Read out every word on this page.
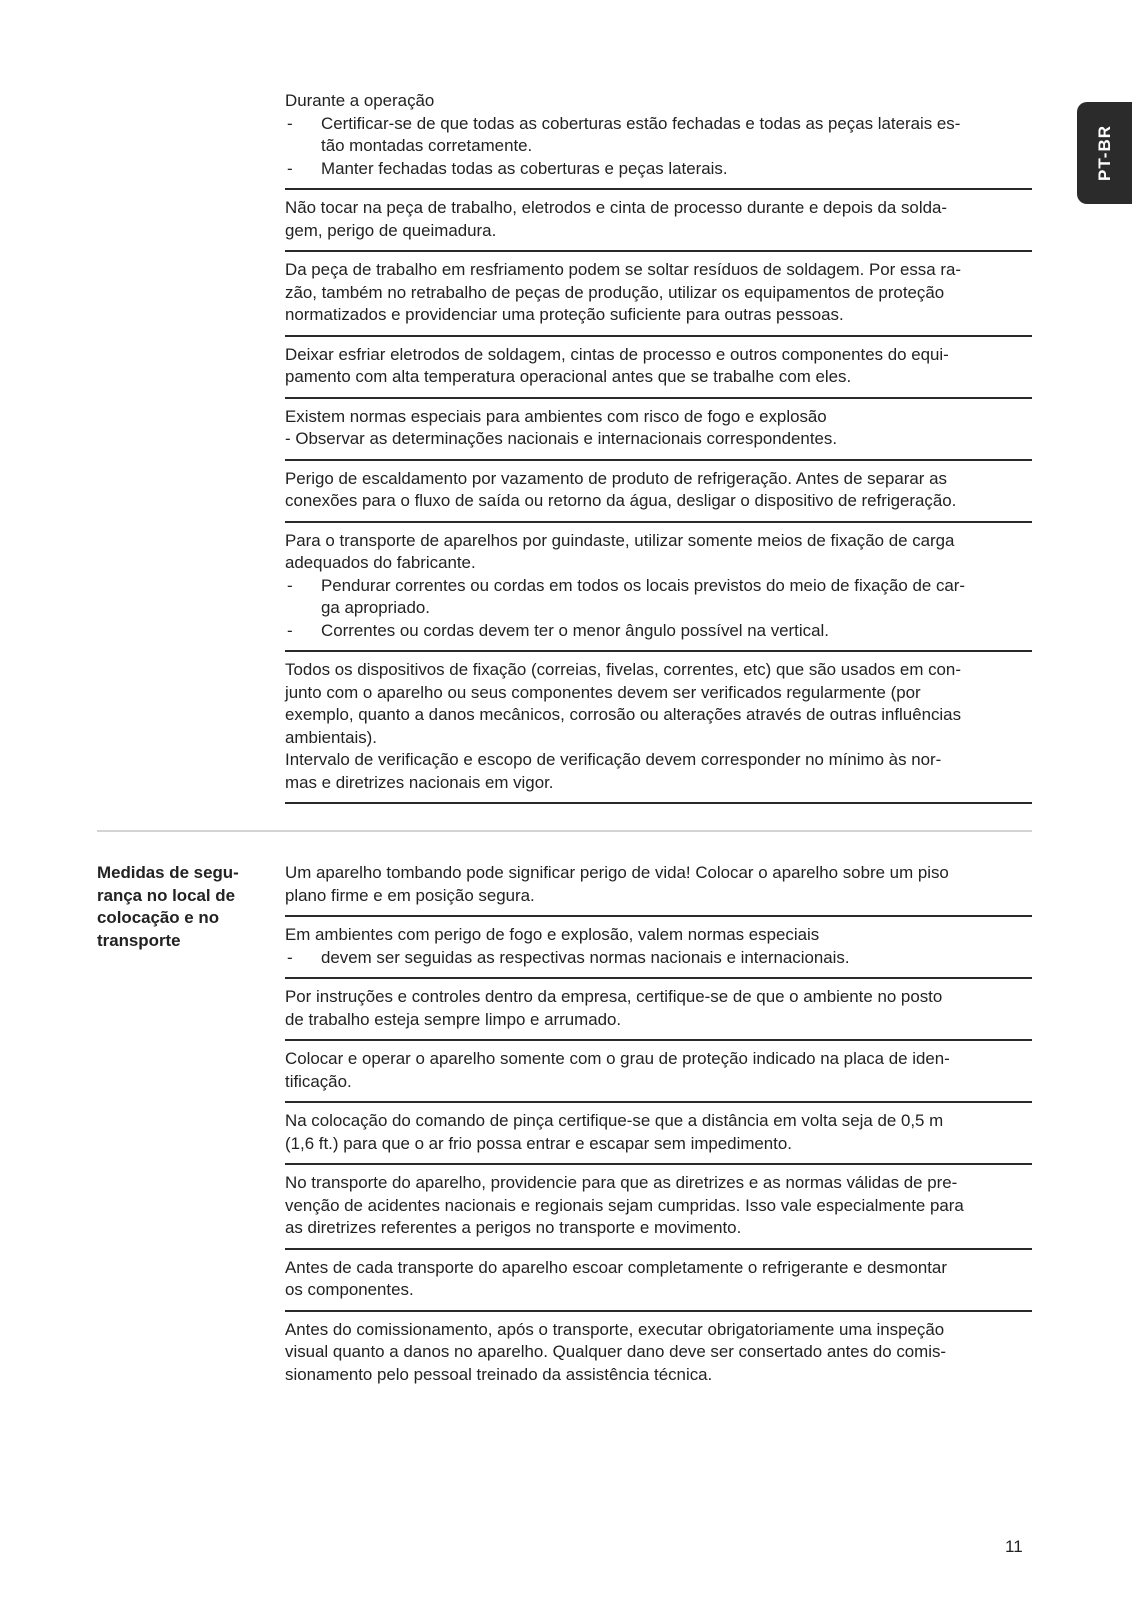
PT-BR
Durante a operação
- Certificar-se de que todas as coberturas estão fechadas e todas as peças laterais es-
tão montadas corretamente.
- Manter fechadas todas as coberturas e peças laterais.
Não tocar na peça de trabalho, eletrodos e cinta de processo durante e depois da solda-
gem, perigo de queimadura.
Da peça de trabalho em resfriamento podem se soltar resíduos de soldagem. Por essa ra-
zão, também no retrabalho de peças de produção, utilizar os equipamentos de proteção
normatizados e providenciar uma proteção suficiente para outras pessoas.
Deixar esfriar eletrodos de soldagem, cintas de processo e outros componentes do equi-
pamento com alta temperatura operacional antes que se trabalhe com eles.
Existem normas especiais para ambientes com risco de fogo e explosão
- Observar as determinações nacionais e internacionais correspondentes.
Perigo de escaldamento por vazamento de produto de refrigeração. Antes de separar as
conexões para o fluxo de saída ou retorno da água, desligar o dispositivo de refrigeração.
Para o transporte de aparelhos por guindaste, utilizar somente meios de fixação de carga
adequados do fabricante.
- Pendurar correntes ou cordas em todos os locais previstos do meio de fixação de car-
ga apropriado.
- Correntes ou cordas devem ter o menor ângulo possível na vertical.
Todos os dispositivos de fixação (correias, fivelas, correntes, etc) que são usados em con-
junto com o aparelho ou seus componentes devem ser verificados regularmente (por
exemplo, quanto a danos mecânicos, corrosão ou alterações através de outras influências
ambientais).
Intervalo de verificação e escopo de verificação devem corresponder no mínimo às nor-
mas e diretrizes nacionais em vigor.
Medidas de segu-
rança no local de
colocação e no
transporte
Um aparelho tombando pode significar perigo de vida! Colocar o aparelho sobre um piso
plano firme e em posição segura.
Em ambientes com perigo de fogo e explosão, valem normas especiais
- devem ser seguidas as respectivas normas nacionais e internacionais.
Por instruções e controles dentro da empresa, certifique-se de que o ambiente no posto
de trabalho esteja sempre limpo e arrumado.
Colocar e operar o aparelho somente com o grau de proteção indicado na placa de iden-
tificação.
Na colocação do comando de pinça certifique-se que a distância em volta seja de 0,5 m
(1,6 ft.) para que o ar frio possa entrar e escapar sem impedimento.
No transporte do aparelho, providencie para que as diretrizes e as normas válidas de pre-
venção de acidentes nacionais e regionais sejam cumpridas. Isso vale especialmente para
as diretrizes referentes a perigos no transporte e movimento.
Antes de cada transporte do aparelho escoar completamente o refrigerante e desmontar
os componentes.
Antes do comissionamento, após o transporte, executar obrigatoriamente uma inspeção
visual quanto a danos no aparelho. Qualquer dano deve ser consertado antes do comis-
sionamento pelo pessoal treinado da assistência técnica.
11
